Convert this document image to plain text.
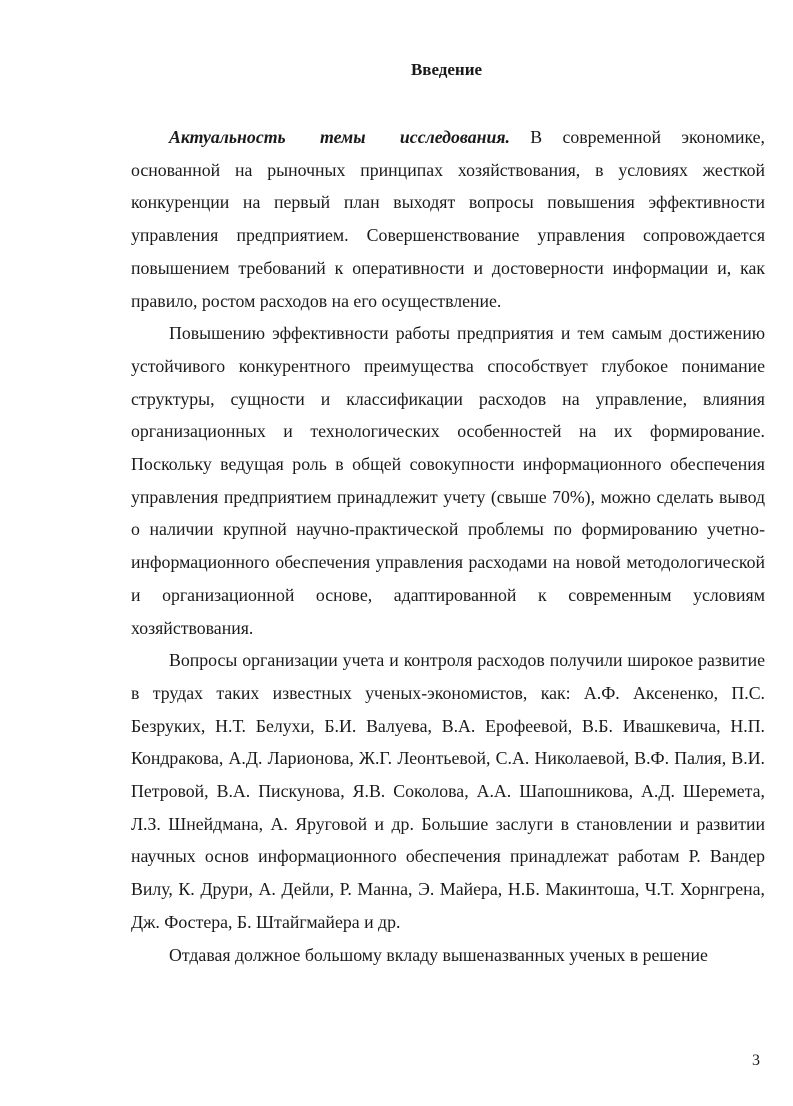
Введение

Актуальность темы исследования. В современной экономике, основанной на рыночных принципах хозяйствования, в условиях жесткой конкуренции на первый план выходят вопросы повышения эффективности управления предприятием. Совершенствование управления сопровождается повышением требований к оперативности и достоверности информации и, как правило, ростом расходов на его осуществление.

Повышению эффективности работы предприятия и тем самым достижению устойчивого конкурентного преимущества способствует глубокое понимание структуры, сущности и классификации расходов на управление, влияния организационных и технологических особенностей на их формирование. Поскольку ведущая роль в общей совокупности информационного обеспечения управления предприятием принадлежит учету (свыше 70%), можно сделать вывод о наличии крупной научно-практической проблемы по формированию учетно-информационного обеспечения управления расходами на новой методологической и организационной основе, адаптированной к современным условиям хозяйствования.

Вопросы организации учета и контроля расходов получили широкое развитие в трудах таких известных ученых-экономистов, как: А.Ф. Аксененко, П.С. Безруких, Н.Т. Белухи, Б.И. Валуева, В.А. Ерофеевой, В.Б. Ивашкевича, Н.П. Кондракова, А.Д. Ларионова, Ж.Г. Леонтьевой, С.А. Николаевой, В.Ф. Палия, В.И. Петровой, В.А. Пискунова, Я.В. Соколова, А.А. Шапошникова, А.Д. Шеремета, Л.З. Шнейдмана, А. Яруговой и др. Большие заслуги в становлении и развитии научных основ информационного обеспечения принадлежат работам Р. Вандер Вилу, К. Друри, А. Дейли, Р. Манна, Э. Майера, Н.Б. Макинтоша, Ч.Т. Хорнгрена, Дж. Фостера, Б. Штайгмайера и др.

Отдавая должное большому вкладу вышеназванных ученых в решение

3
